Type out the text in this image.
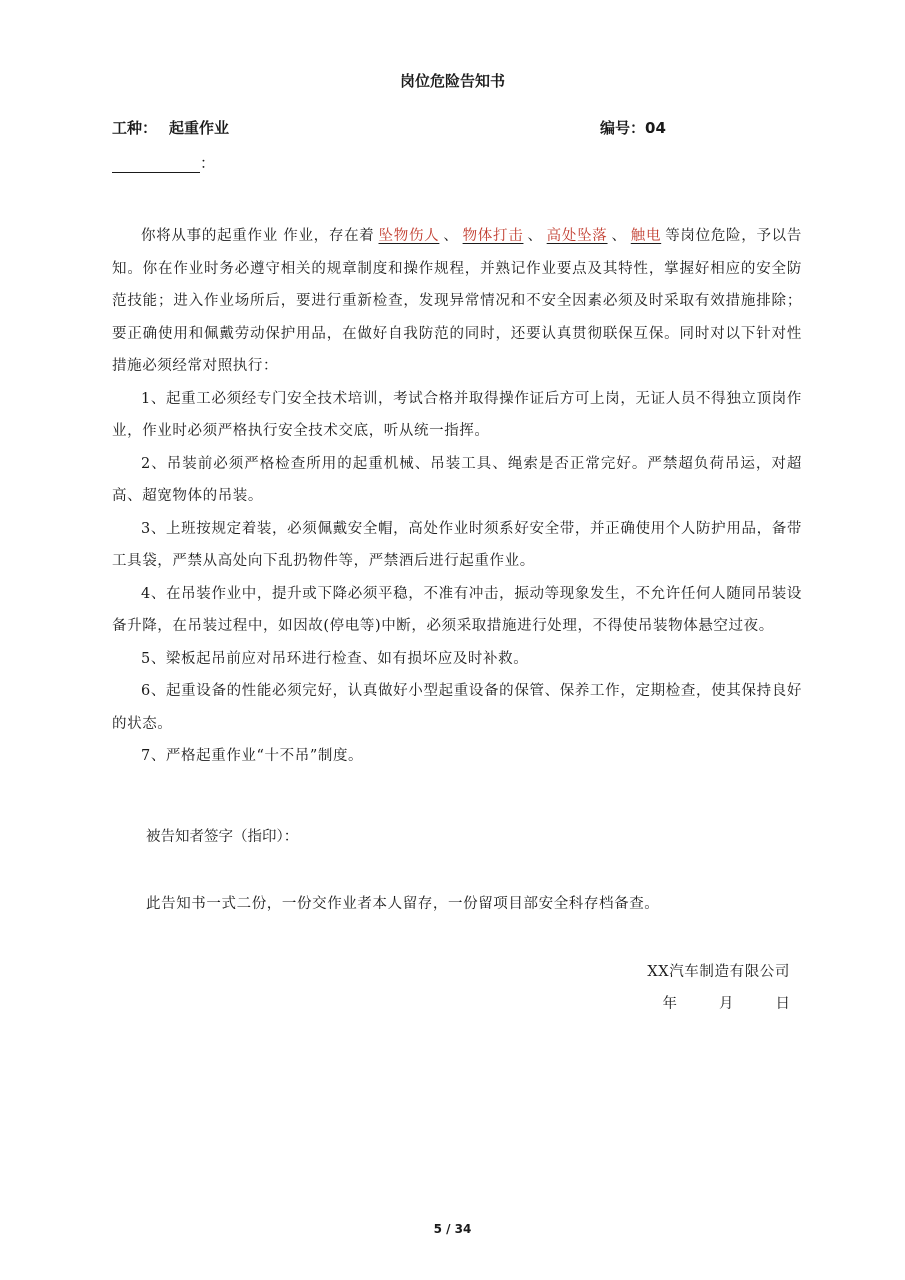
岗位危险告知书
工种： 起重作业	编号：04
：

你将从事的起重作业 作业，存在着 坠物伤人 、 物体打击 、 高处坠落 、 触电 等岗位危险，予以告知。你在作业时务必遵守相关的规章制度和操作规程，并熟记作业要点及其特性，掌握好相应的安全防范技能；进入作业场所后，要进行重新检查，发现异常情况和不安全因素必须及时采取有效措施排除；要正确使用和佩戴劳动保护用品，在做好自我防范的同时，还要认真贯彻联保互保。同时对以下针对性措施必须经常对照执行：

1、起重工必须经专门安全技术培训，考试合格并取得操作证后方可上岗，无证人员不得独立顶岗作业，作业时必须严格执行安全技术交底，听从统一指挥。

2、吊装前必须严格检查所用的起重机械、吊装工具、绳索是否正常完好。严禁超负荷吊运，对超高、超宽物体的吊装。

3、上班按规定着装，必须佩戴安全帽，高处作业时须系好安全带，并正确使用个人防护用品，备带工具袋，严禁从高处向下乱扔物件等，严禁酒后进行起重作业。

4、在吊装作业中，提升或下降必须平稳，不准有冲击，振动等现象发生，不允许任何人随同吊装设备升降，在吊装过程中，如因故(停电等)中断，必须采取措施进行处理，不得使吊装物体悬空过夜。

5、梁板起吊前应对吊环进行检查、如有损坏应及时补救。

6、起重设备的性能必须完好，认真做好小型起重设备的保管、保养工作，定期检查，使其保持良好的状态。

7、严格起重作业“十不吊”制度。

被告知者签字（指印）：
此告知书一式二份，一份交作业者本人留存，一份留项目部安全科存档备查。
XX汽车制造有限公司
年	月	日
5 / 34
